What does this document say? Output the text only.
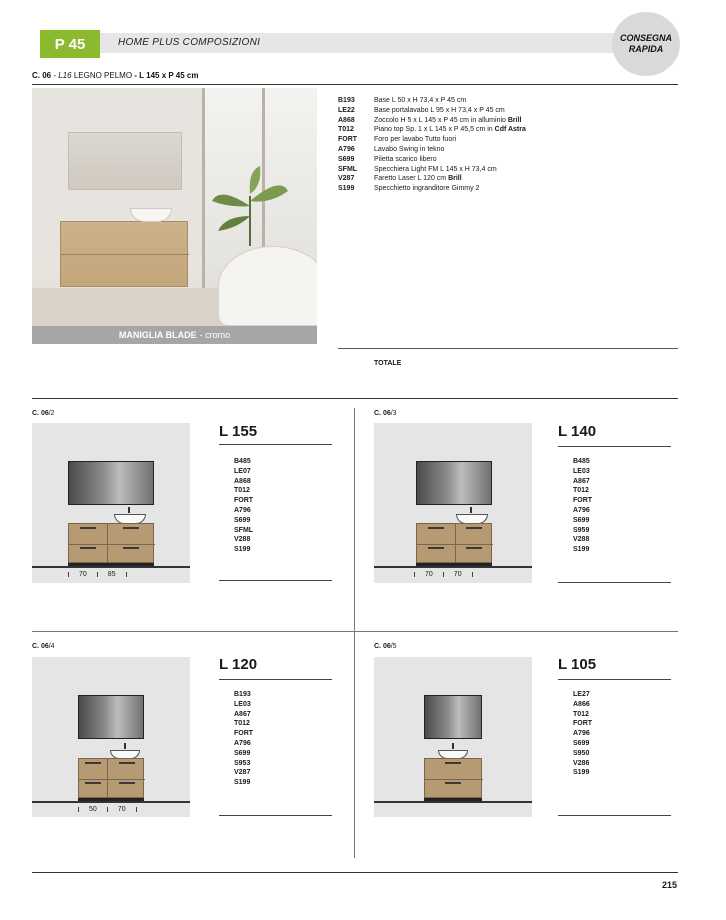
P 45	HOME PLUS COMPOSIZIONI	CONSEGNA
RAPIDA
C. 06 - L16 LEGNO PELMO - L 145 x P 45 cm
MANIGLIA BLADE - cromo
B193	Base L 50 x H 73,4 x P 45 cm
LE22	Base portalavabo L 95 x H 73,4 x P 45 cm
A868	Zoccolo H 5 x L 145 x P 45 cm in alluminio Brill
T012	Piano top Sp. 1 x L 145 x P 45,5 cm in Cdf Astra
FORT	Foro per lavabo Tutto fuori
A796	Lavabo Swing in tekno
S699	Piletta scarico libero
SFML	Specchiera Light FM L 145 x H 73,4 cm
V287	Faretto Laser L 120 cm Brill
S199	Specchietto ingranditore Gimmy 2
TOTALE
C. 06/2
70	85
L 155
B485
LE07
A868
T012
FORT
A796
S699
SFML
V288
S199
C. 06/3
70	70
L 140
B485
LE03
A867
T012
FORT
A796
S699
S959
V288
S199
C. 06/4
50	70
L 120
B193
LE03
A867
T012
FORT
A796
S699
S953
V287
S199
C. 06/5
L 105
LE27
A866
T012
FORT
A796
S699
S950
V286
S199
215
